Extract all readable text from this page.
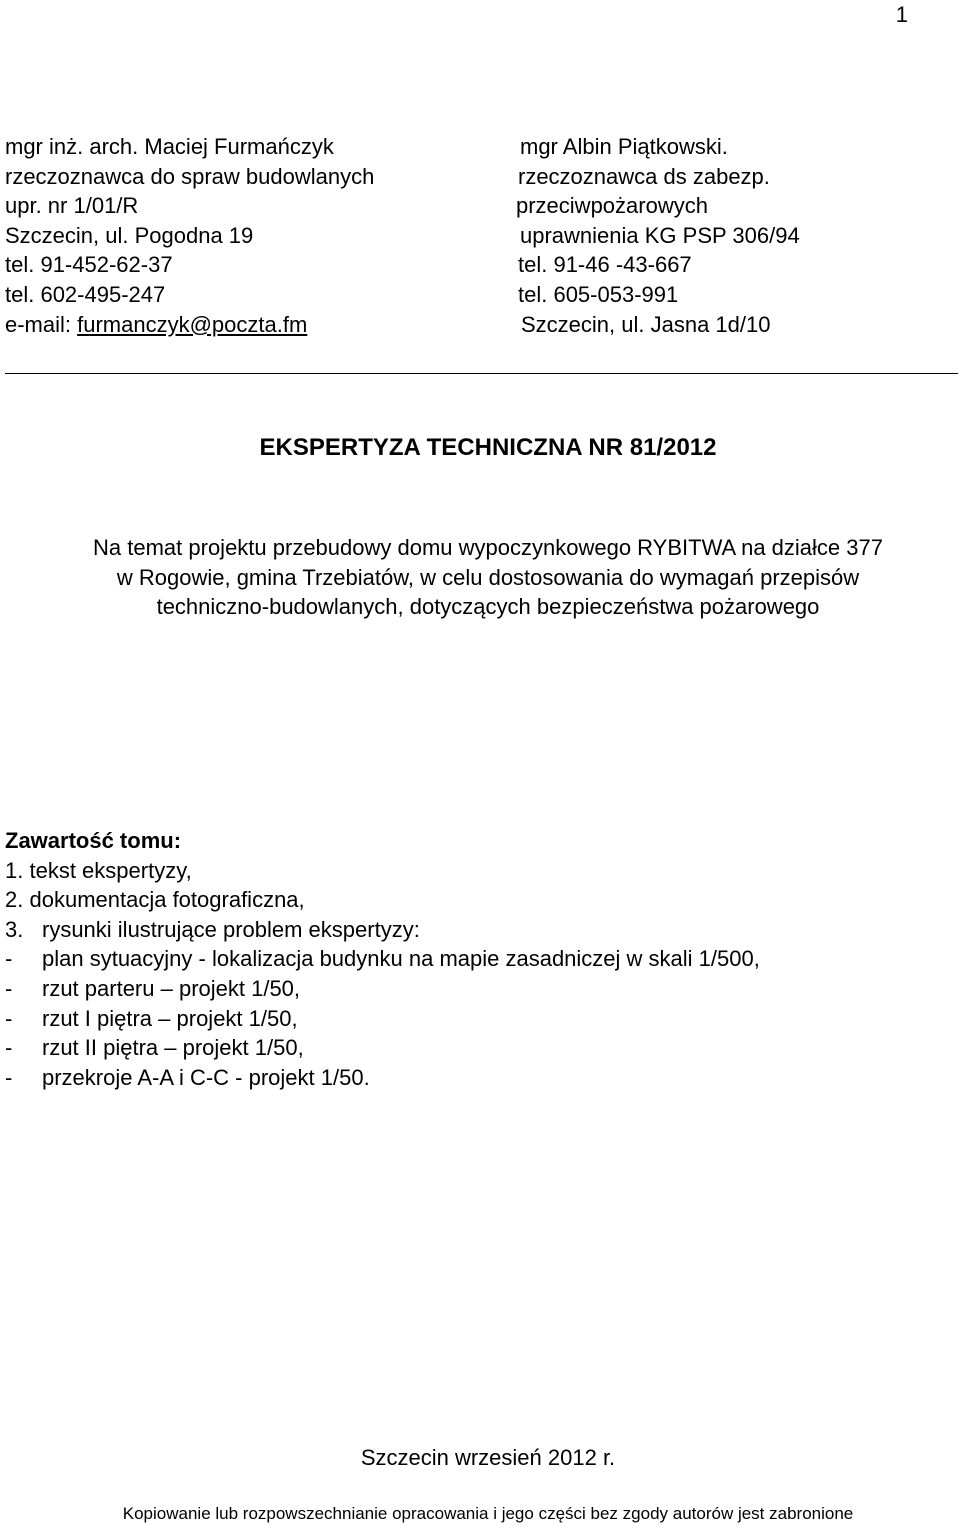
1
mgr inż. arch. Maciej Furmańczyk
rzeczoznawca do spraw budowlanych
upr. nr 1/01/R
Szczecin, ul. Pogodna 19
tel. 91-452-62-37
tel. 602-495-247
e-mail: furmanczyk@poczta.fm
mgr Albin Piątkowski.
rzeczoznawca ds zabezp.
przeciwpożarowych
uprawnienia KG PSP 306/94
tel. 91-46 -43-667
tel. 605-053-991
Szczecin, ul. Jasna 1d/10
EKSPERTYZA TECHNICZNA NR 81/2012
Na temat projektu przebudowy domu wypoczynkowego RYBITWA na działce 377
w Rogowie, gmina Trzebiatów, w celu dostosowania do wymagań przepisów
techniczno-budowlanych, dotyczących bezpieczeństwa pożarowego
Zawartość tomu:
1. tekst ekspertyzy,
2. dokumentacja fotograficzna,
3. rysunki ilustrujące problem ekspertyzy:
- plan sytuacyjny - lokalizacja budynku na mapie zasadniczej w skali 1/500,
- rzut parteru – projekt 1/50,
- rzut I piętra – projekt 1/50,
- rzut II piętra – projekt 1/50,
- przekroje A-A i C-C - projekt 1/50.
Szczecin wrzesień 2012 r.
Kopiowanie lub rozpowszechnianie opracowania i jego części bez zgody autorów jest zabronione
